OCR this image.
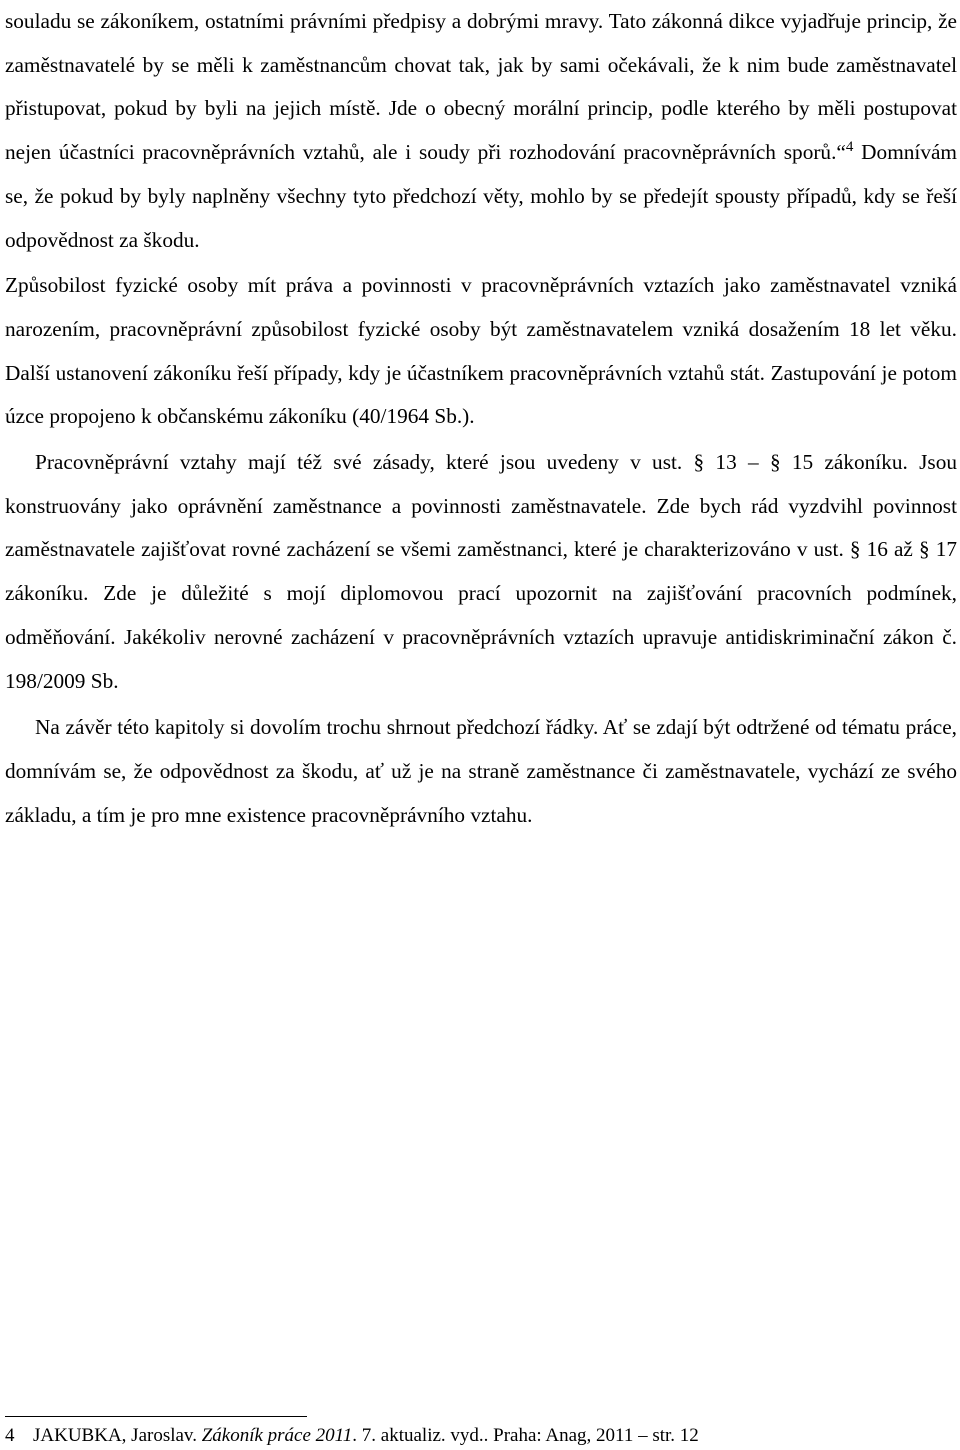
souladu se zákoníkem, ostatními právními předpisy a dobrými mravy. Tato zákonná dikce vyjadřuje princip, že zaměstnavatelé by se měli k zaměstnancům chovat tak, jak by sami očekávali, že k nim bude zaměstnavatel přistupovat, pokud by byli na jejich místě. Jde o obecný morální princip, podle kterého by měli postupovat nejen účastníci pracovněprávních vztahů, ale i soudy při rozhodování pracovněprávních sporů.“$^4$ Domnívám se, že pokud by byly naplněny všechny tyto předchozí věty, mohlo by se předejít spousty případů, kdy se řeší odpovědnost za škodu.

Způsobilost fyzické osoby mít práva a povinnosti v pracovněprávních vztazích jako zaměstnavatel vzniká narozením, pracovněprávní způsobilost fyzické osoby být zaměstnavatelem vzniká dosažením 18 let věku. Další ustanovení zákoníku řeší případy, kdy je účastníkem pracovněprávních vztahů stát. Zastupování je potom úzce propojeno k občanskému zákoníku (40/1964 Sb.).

Pracovněprávní vztahy mají též své zásady, které jsou uvedeny v ust. § 13 – § 15 zákoníku. Jsou konstruovány jako oprávnění zaměstnance a povinnosti zaměstnavatele. Zde bych rád vyzdvihl povinnost zaměstnavatele zajišťovat rovné zacházení se všemi zaměstnanci, které je charakterizováno v ust. § 16 až § 17 zákoníku. Zde je důležité s mojí diplomovou prací upozornit na zajišťování pracovních podmínek, odměňování. Jakékoliv nerovné zacházení v pracovněprávních vztazích upravuje antidiskriminační zákon č. 198/2009 Sb.

Na závěr této kapitoly si dovolím trochu shrnout předchozí řádky. Ať se zdají být odtržené od tématu práce, domnívám se, že odpovědnost za škodu, ať už je na straně zaměstnance či zaměstnavatele, vychází ze svého základu, a tím je pro mne existence pracovněprávního vztahu.

4 JAKUBKA, Jaroslav. Zákoník práce 2011. 7. aktualiz. vyd.. Praha: Anag, 2011 – str. 12
